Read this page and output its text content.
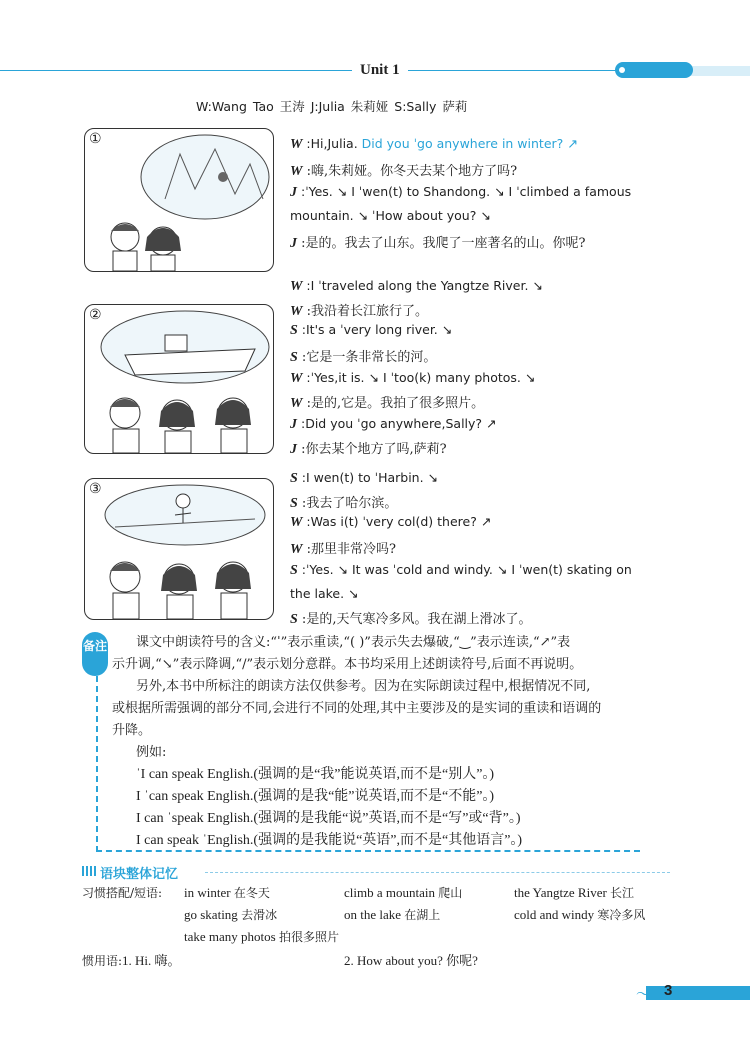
Unit 1
W:Wang Tao 王涛 J:Julia 朱莉娅 S:Sally 萨莉
①
②
③
W :Hi,Julia. Did you ˈgo anywhere in winter? ↗
W :嗨,朱莉娅。你冬天去某个地方了吗?
J :ˈYes. ↘ I ˈwen(t) to Shandong. ↘ I ˈclimbed a famous
mountain. ↘ ˈHow about you? ↘
J :是的。我去了山东。我爬了一座著名的山。你呢?
W :I ˈtraveled along the Yangtze River. ↘
W :我沿着长江旅行了。
S :It's a ˈvery long river. ↘
S :它是一条非常长的河。
W :ˈYes,it is. ↘ I ˈtoo(k) many photos. ↘
W :是的,它是。我拍了很多照片。
J :Did you ˈgo anywhere,Sally? ↗
J :你去某个地方了吗,萨莉?
S :I wen(t) to ˈHarbin. ↘
S :我去了哈尔滨。
W :Was i(t) ˈvery col(d) there? ↗
W :那里非常冷吗?
S :ˈYes. ↘ It was ˈcold and windy. ↘ I ˈwen(t) skating on
the lake. ↘
S :是的,天气寒冷多风。我在湖上滑冰了。
备注 课文中朗读符号的含义:“ˈ”表示重读,“( )”表示失去爆破,“‿”表示连读,“↗”表
示升调,“↘”表示降调,“/”表示划分意群。本书均采用上述朗读符号,后面不再说明。
另外,本书中所标注的朗读方法仅供参考。因为在实际朗读过程中,根据情况不同,
或根据所需强调的部分不同,会进行不同的处理,其中主要涉及的是实词的重读和语调的
升降。
例如:
ˈI can speak English.(强调的是“我”能说英语,而不是“别人”。)
I ˈcan speak English.(强调的是我“能”说英语,而不是“不能”。)
I can ˈspeak English.(强调的是我能“说”英语,而不是“写”或“背”。)
I can speak ˈEnglish.(强调的是我能说“英语”,而不是“其他语言”。)
语块整体记忆
习惯搭配/短语: in winter 在冬天	climb a mountain 爬山	the Yangtze River 长江
go skating 去滑冰	on the lake 在湖上	cold and windy 寒冷多风
take many photos 拍很多照片
惯用语:1. Hi. 嗨。	2. How about you? 你呢?
〜 3
